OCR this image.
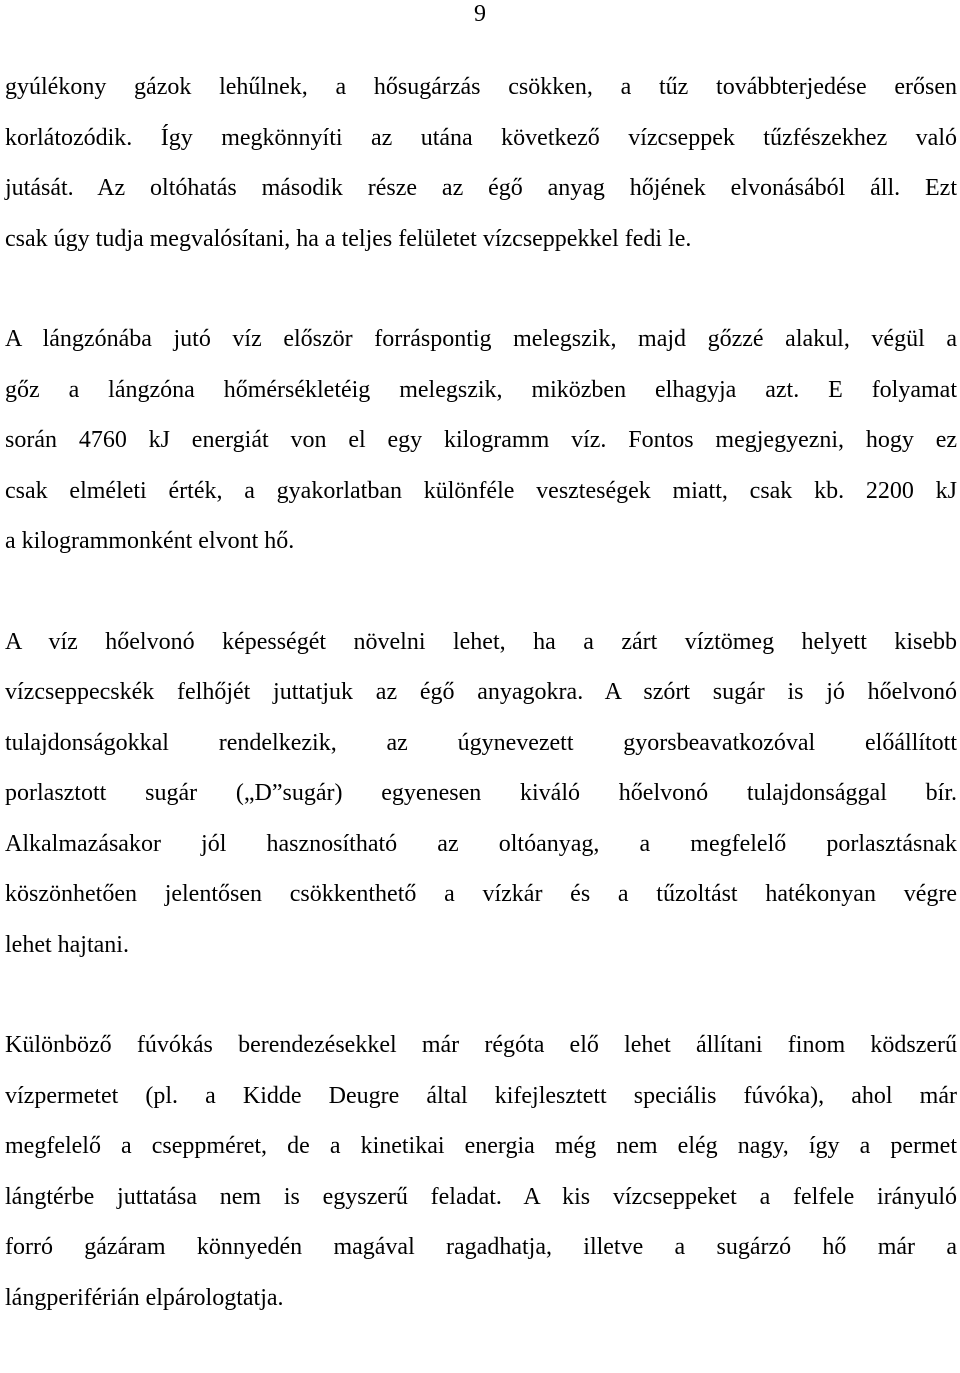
9
gyúlékony gázok lehűlnek, a hősugárzás csökken, a tűz továbbterjedése erősen
korlátozódik. Így megkönnyíti az utána következő vízcseppek tűzfészekhez való
jutását. Az oltóhatás második része az égő anyag hőjének elvonásából áll. Ezt
csak úgy tudja megvalósítani, ha a teljes felületet vízcseppekkel fedi le.
A lángzónába jutó víz először forráspontig melegszik, majd gőzzé alakul, végül a
gőz a lángzóna hőmérsékletéig melegszik, miközben elhagyja azt. E folyamat
során 4760 kJ energiát von el egy kilogramm víz. Fontos megjegyezni, hogy ez
csak elméleti érték, a gyakorlatban különféle veszteségek miatt, csak kb. 2200 kJ
a kilogrammonként elvont hő.
A víz hőelvonó képességét növelni lehet, ha a zárt víztömeg helyett kisebb
vízcseppecskék felhőjét juttatjuk az égő anyagokra. A szórt sugár is jó hőelvonó
tulajdonságokkal rendelkezik, az úgynevezett gyorsbeavatkozóval előállított
porlasztott sugár („D”sugár) egyenesen kiváló hőelvonó tulajdonsággal bír.
Alkalmazásakor jól hasznosítható az oltóanyag, a megfelelő porlasztásnak
köszönhetően jelentősen csökkenthető a vízkár és a tűzoltást hatékonyan végre
lehet hajtani.
Különböző fúvókás berendezésekkel már régóta elő lehet állítani finom ködszerű
vízpermetet (pl. a Kidde Deugre által kifejlesztett speciális fúvóka), ahol már
megfelelő a cseppméret, de a kinetikai energia még nem elég nagy, így a permet
lángtérbe juttatása nem is egyszerű feladat. A kis vízcseppeket a felfele irányuló
forró gázáram könnyedén magával ragadhatja, illetve a sugárzó hő már a
lángperiférián elpárologtatja.
